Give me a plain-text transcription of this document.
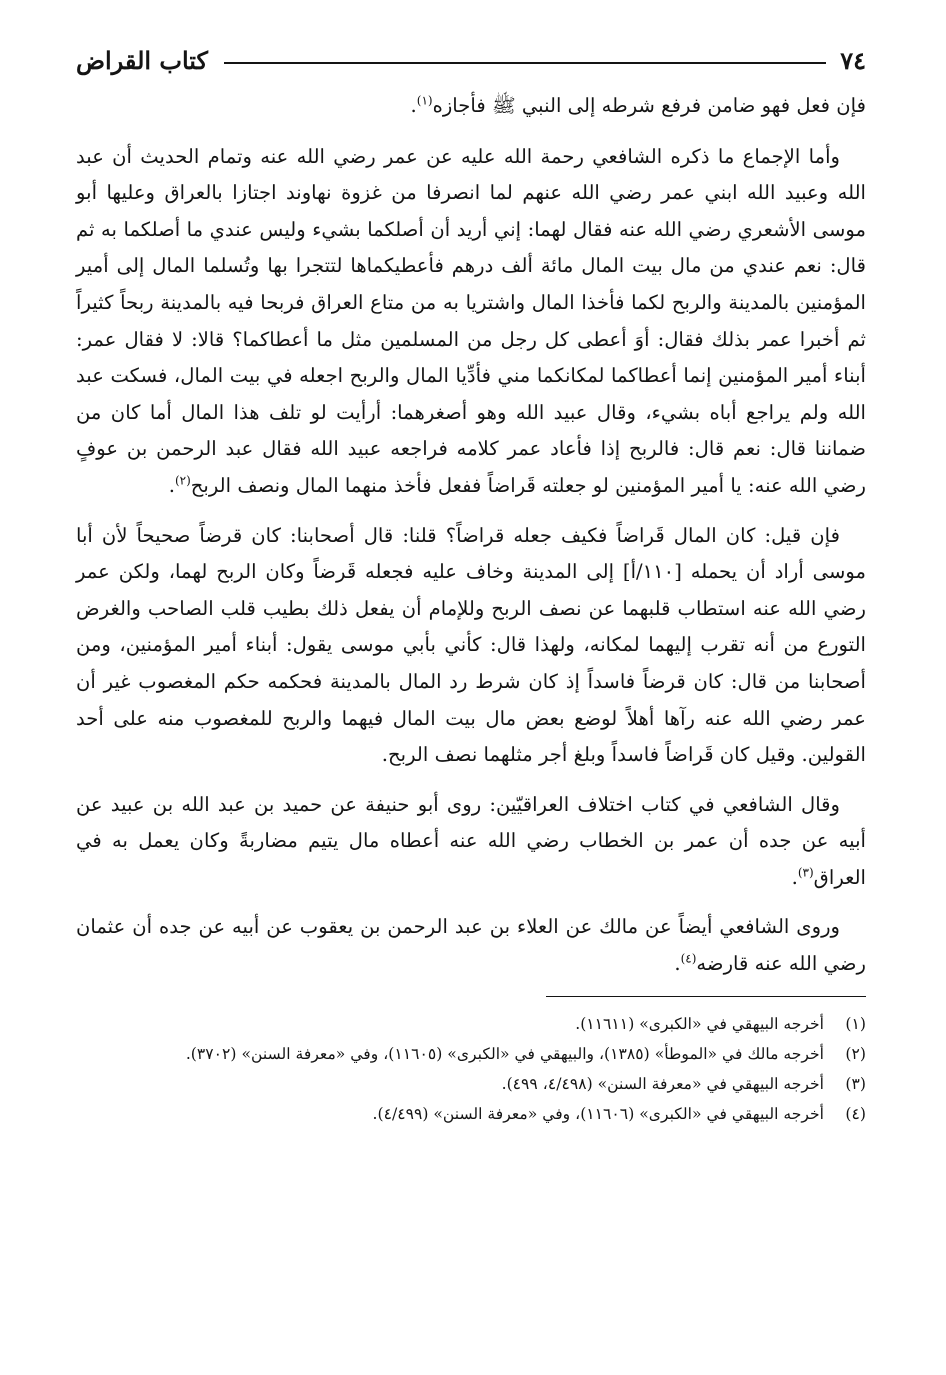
٧٤
كتاب القراض

فإن فعل فهو ضامن فرفع شرطه إلى النبي ﷺ فأجازه$^{(١)}$.

وأما الإجماع ما ذكره الشافعي رحمة الله عليه عن عمر رضي الله عنه وتمام الحديث أن عبد الله وعبيد الله ابني عمر رضي الله عنهم لما انصرفا من غزوة نهاوند اجتازا بالعراق وعليها أبو موسى الأشعري رضي الله عنه فقال لهما: إني أريد أن أصلكما بشيء وليس عندي ما أصلكما به ثم قال: نعم عندي من مال بيت المال مائة ألف درهم فأعطيكماها لتتجرا بها وتُسلما المال إلى أمير المؤمنين بالمدينة والربح لكما فأخذا المال واشتريا به من متاع العراق فربحا فيه بالمدينة ربحاً كثيراً ثم أخبرا عمر بذلك فقال: أوَ أعطى كل رجل من المسلمين مثل ما أعطاكما؟ قالا: لا فقال عمر: أبناء أمير المؤمنين إنما أعطاكما لمكانكما مني فأدِّيا المال والربح اجعله في بيت المال، فسكت عبد الله ولم يراجع أباه بشيء، وقال عبيد الله وهو أصغرهما: أرأيت لو تلف هذا المال أما كان من ضماننا قال: نعم قال: فالربح إذا فأعاد عمر كلامه فراجعه عبيد الله فقال عبد الرحمن بن عوفٍ رضي الله عنه: يا أمير المؤمنين لو جعلته قَراضاً ففعل فأخذ منهما المال ونصف الربح$^{(٢)}$.

فإن قيل: كان المال قَراضاً فكيف جعله قراضاً؟ قلنا: قال أصحابنا: كان قرضاً صحيحاً لأن أبا موسى أراد أن يحمله [١١٠/أ] إلى المدينة وخاف عليه فجعله قَرضاً وكان الربح لهما، ولكن عمر رضي الله عنه استطاب قلبهما عن نصف الربح وللإمام أن يفعل ذلك بطيب قلب الصاحب والغرض التورع من أنه تقرب إليهما لمكانه، ولهذا قال: كأني بأبي موسى يقول: أبناء أمير المؤمنين، ومن أصحابنا من قال: كان قرضاً فاسداً إذ كان شرط رد المال بالمدينة فحكمه حكم المغصوب غير أن عمر رضي الله عنه رآها أهلاً لوضع بعض مال بيت المال فيهما والربح للمغصوب منه على أحد القولين. وقيل كان قَراضاً فاسداً وبلغ أجر مثلهما نصف الربح.

وقال الشافعي في كتاب اختلاف العراقيّين: روى أبو حنيفة عن حميد بن عبد الله بن عبيد عن أبيه عن جده أن عمر بن الخطاب رضي الله عنه أعطاه مال يتيم مضاربةً وكان يعمل به في العراق$^{(٣)}$.

وروى الشافعي أيضاً عن مالك عن العلاء بن عبد الرحمن بن يعقوب عن أبيه عن جده أن عثمان رضي الله عنه قارضه$^{(٤)}$.

(١)
أخرجه البيهقي في «الكبرى» (١١٦١١).
(٢)
أخرجه مالك في «الموطأ» (١٣٨٥)، والبيهقي في «الكبرى» (١١٦٠٥)، وفي «معرفة السنن» (٣٧٠٢).
(٣)
أخرجه البيهقي في «معرفة السنن» (٤/٤٩٨، ٤٩٩).
(٤)
أخرجه البيهقي في «الكبرى» (١١٦٠٦)، وفي «معرفة السنن» (٤/٤٩٩).
